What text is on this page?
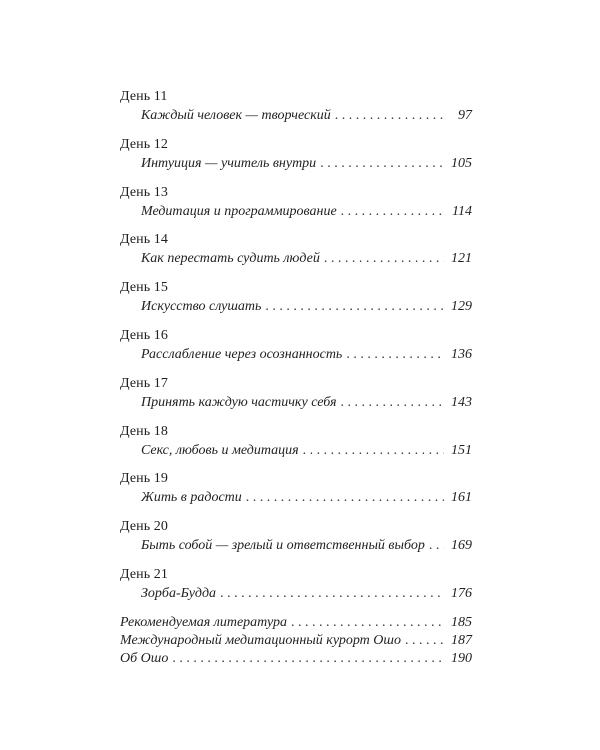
День 11
Каждый человек — творческий . . .	97
День 12
Интуиция — учитель внутри . . .	105
День 13
Медитация и программирование . . .	114
День 14
Как перестать судить людей . . .	121
День 15
Искусство слушать . . .	129
День 16
Расслабление через осознанность . . .	136
День 17
Принять каждую частичку себя . . .	143
День 18
Секс, любовь и медитация . . .	151
День 19
Жить в радости . . .	161
День 20
Быть собой — зрелый и ответственный выбор . . . 169
День 21
Зорба-Будда . . .	176
Рекомендуемая литература . . .	185
Международный медитационный курорт Ошо . . .	187
Об Ошо . . .	190
